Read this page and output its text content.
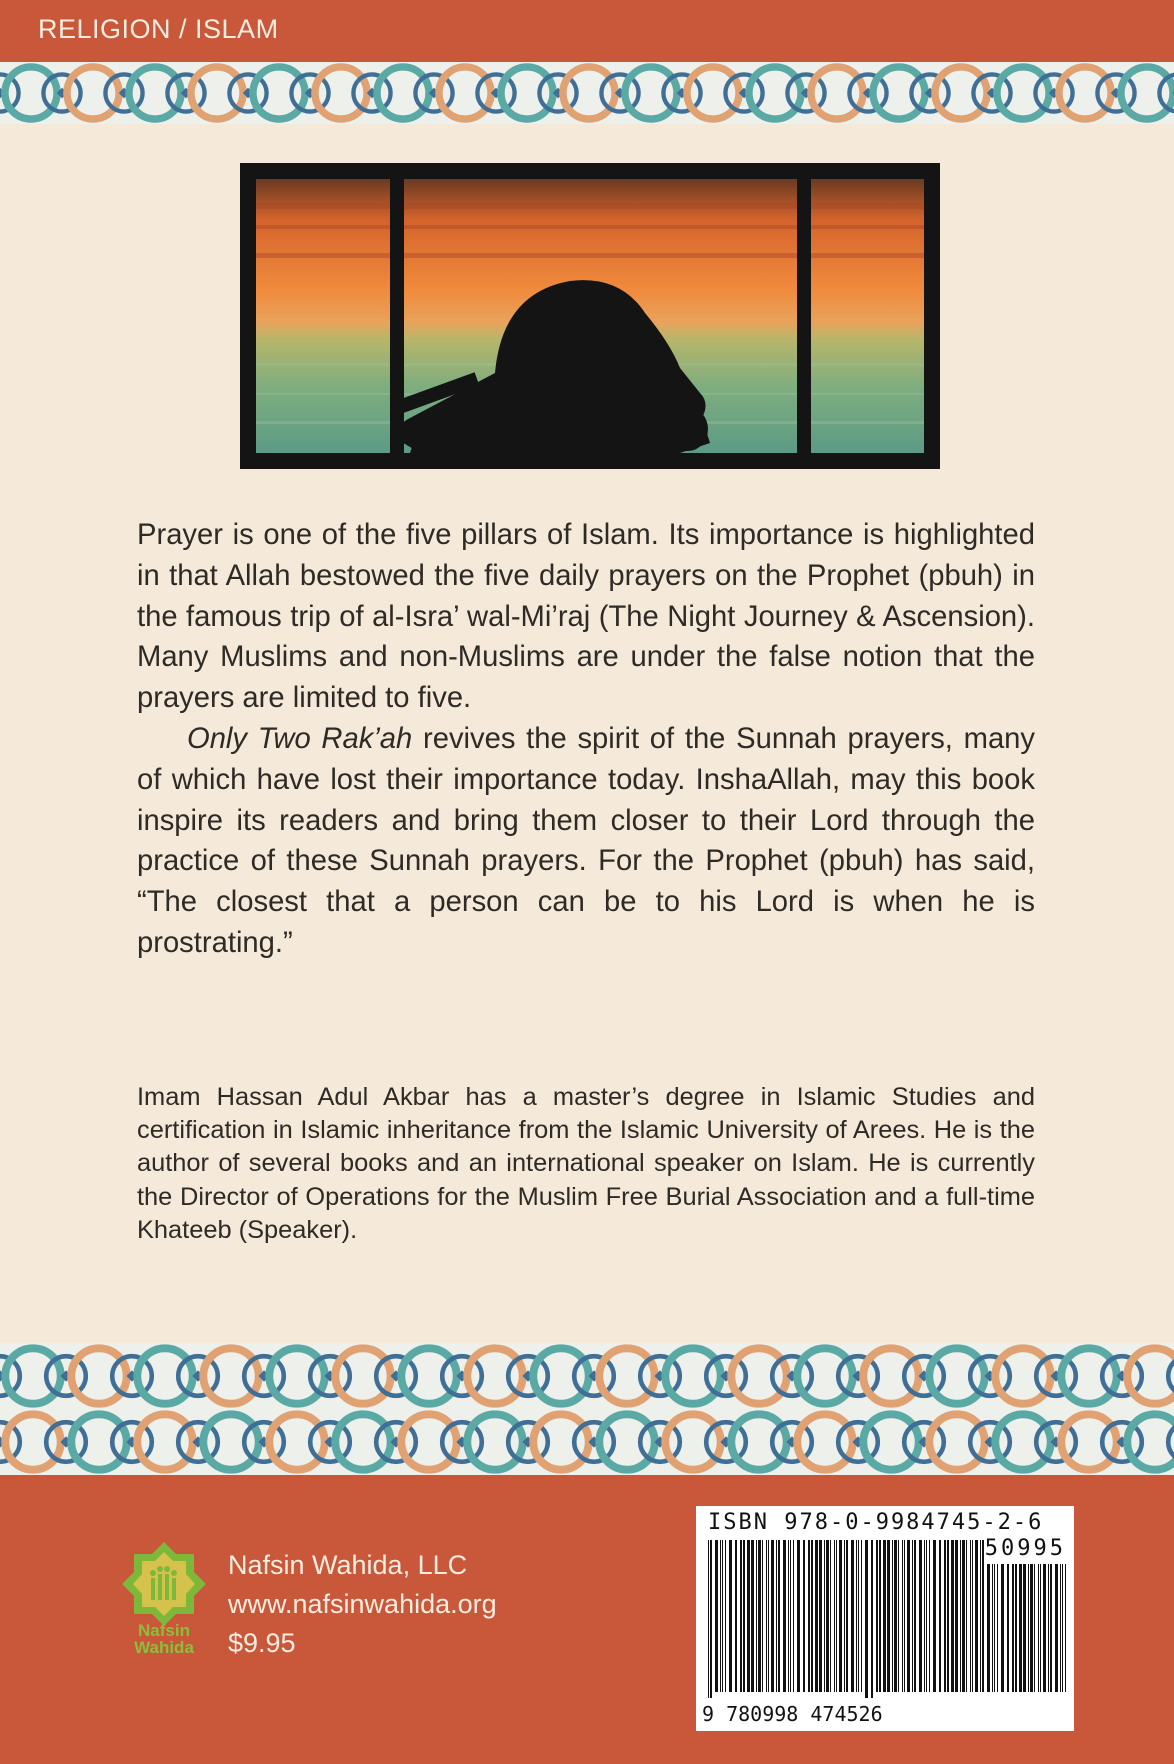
RELIGION / ISLAM

Prayer is one of the five pillars of Islam. Its importance is highlighted in that Allah bestowed the five daily prayers on the Prophet (pbuh) in the famous trip of al-Isra’ wal-Mi’raj (The Night Journey & Ascension). Many Muslims and non-Muslims are under the false notion that the prayers are limited to five.

Only Two Rak’ah revives the spirit of the Sunnah prayers, many of which have lost their importance today. InshaAllah, may this book inspire its readers and bring them closer to their Lord through the practice of these Sunnah prayers. For the Prophet (pbuh) has said, “The closest that a person can be to his Lord is when he is prostrating.”

Imam Hassan Adul Akbar has a master’s degree in Islamic Studies and certification in Islamic inheritance from the Islamic University of Arees. He is the author of several books and an international speaker on Islam. He is currently the Director of Operations for the Muslim Free Burial Association and a full-time Khateeb (Speaker).

Nafsin
Wahida
Nafsin Wahida, LLC
www.nafsinwahida.org
$9.95
ISBN 978-0-9984745-2-6
50995
9 780998 474526
